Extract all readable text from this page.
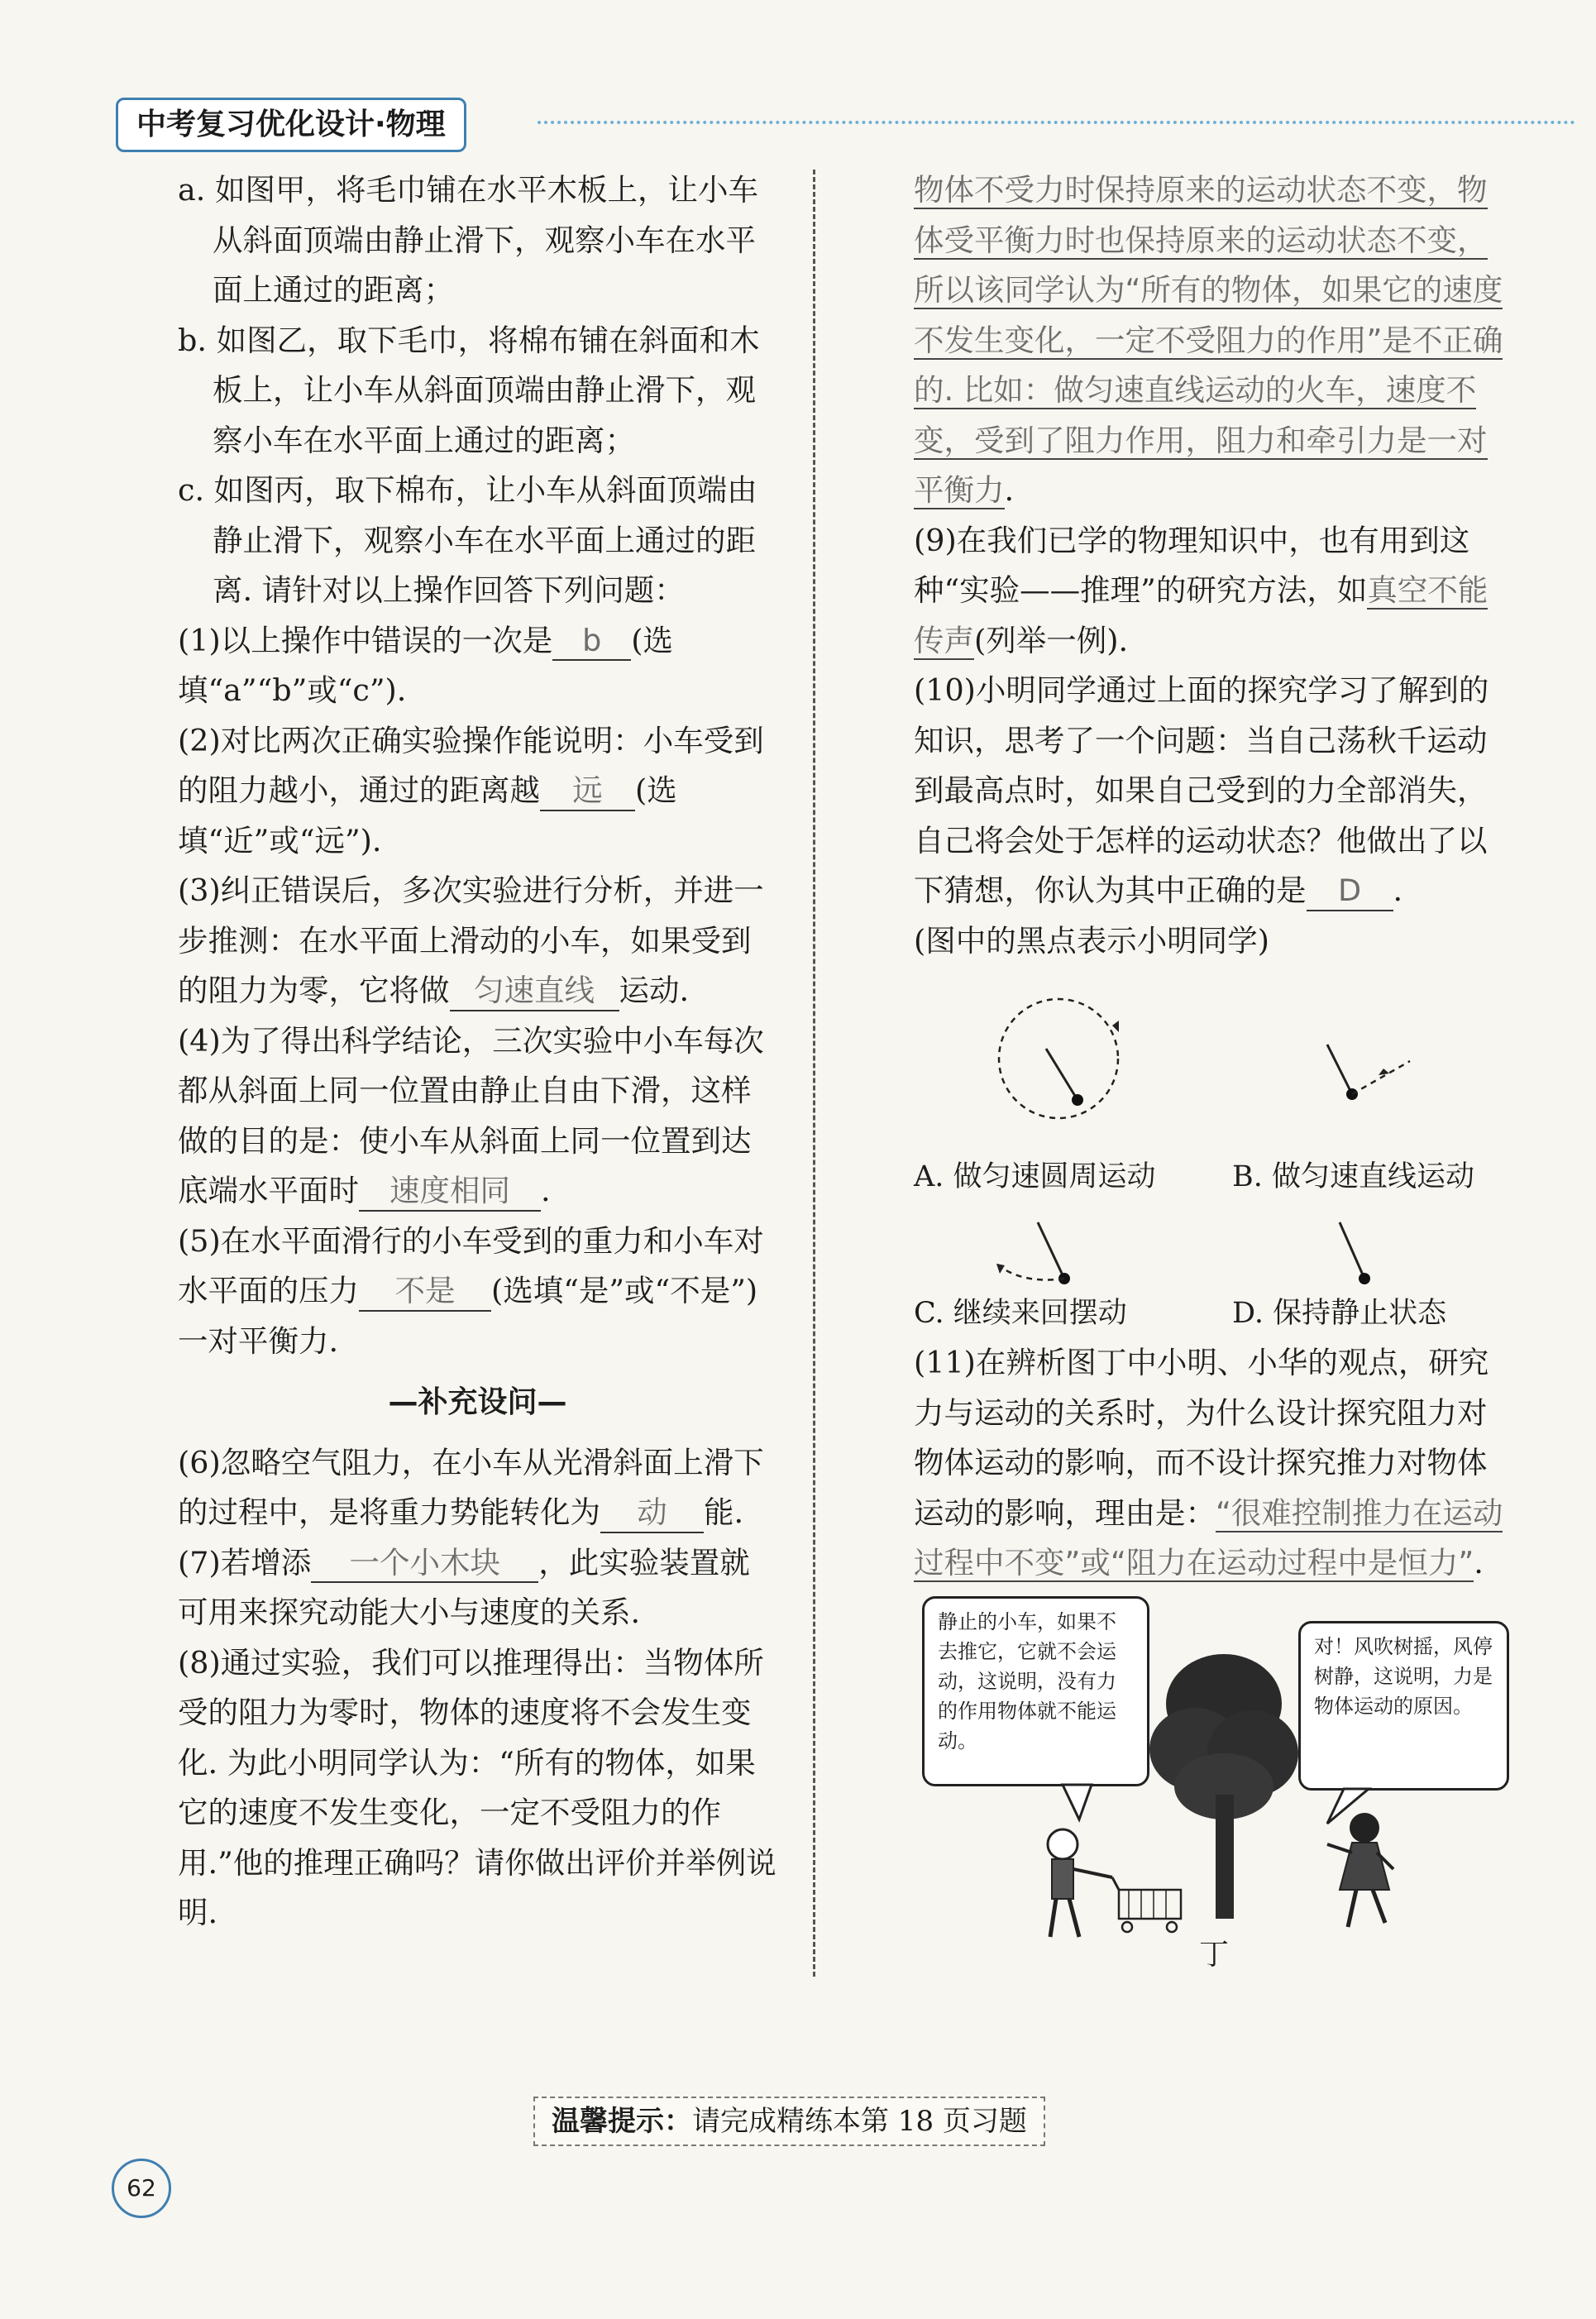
中考复习优化设计·物理

a. 如图甲，将毛巾铺在水平木板上，让小车从斜面顶端由静止滑下，观察小车在水平面上通过的距离；

b. 如图乙，取下毛巾，将棉布铺在斜面和木板上，让小车从斜面顶端由静止滑下，观察小车在水平面上通过的距离；

c. 如图丙，取下棉布，让小车从斜面顶端由静止滑下，观察小车在水平面上通过的距离. 请针对以上操作回答下列问题：

(1)以上操作中错误的一次是 b (选填“a”“b”或“c”).

(2)对比两次正确实验操作能说明：小车受到的阻力越小，通过的距离越 远 (选填“近”或“远”).

(3)纠正错误后，多次实验进行分析，并进一步推测：在水平面上滑动的小车，如果受到的阻力为零，它将做 匀速直线 运动.

(4)为了得出科学结论，三次实验中小车每次都从斜面上同一位置由静止自由下滑，这样做的目的是：使小车从斜面上同一位置到达底端水平面时 速度相同 .

(5)在水平面滑行的小车受到的重力和小车对水平面的压力 不是 (选填“是”或“不是”)一对平衡力.

—补充设问—

(6)忽略空气阻力，在小车从光滑斜面上滑下的过程中，是将重力势能转化为 动 能.

(7)若增添 一个小木块 ，此实验装置就可用来探究动能大小与速度的关系.

(8)通过实验，我们可以推理得出：当物体所受的阻力为零时，物体的速度将不会发生变化. 为此小明同学认为：“所有的物体，如果它的速度不发生变化，一定不受阻力的作用.”他的推理正确吗？请你做出评价并举例说明.

物体不受力时保持原来的运动状态不变，物体受平衡力时也保持原来的运动状态不变，所以该同学认为“所有的物体，如果它的速度不发生变化，一定不受阻力的作用”是不正确的. 比如：做匀速直线运动的火车，速度不变，受到了阻力作用，阻力和牵引力是一对平衡力.

(9)在我们已学的物理知识中，也有用到这种“实验——推理”的研究方法，如真空不能传声(列举一例).

(10)小明同学通过上面的探究学习了解到的知识，思考了一个问题：当自己荡秋千运动到最高点时，如果自己受到的力全部消失，自己将会处于怎样的运动状态？他做出了以下猜想，你认为其中正确的是 D .

(图中的黑点表示小明同学)

A. 做匀速圆周运动	B. 做匀速直线运动
C. 继续来回摆动	D. 保持静止状态

(11)在辨析图丁中小明、小华的观点，研究力与运动的关系时，为什么设计探究阻力对物体运动的影响，而不设计探究推力对物体运动的影响，理由是：“很难控制推力在运动过程中不变”或“阻力在运动过程中是恒力”.

静止的小车，如果不去推它，它就不会运动，这说明，没有力的作用物体就不能运动。
对！风吹树摇，风停树静，这说明，力是物体运动的原因。
丁
温馨提示：请完成精练本第 18 页习题
62
